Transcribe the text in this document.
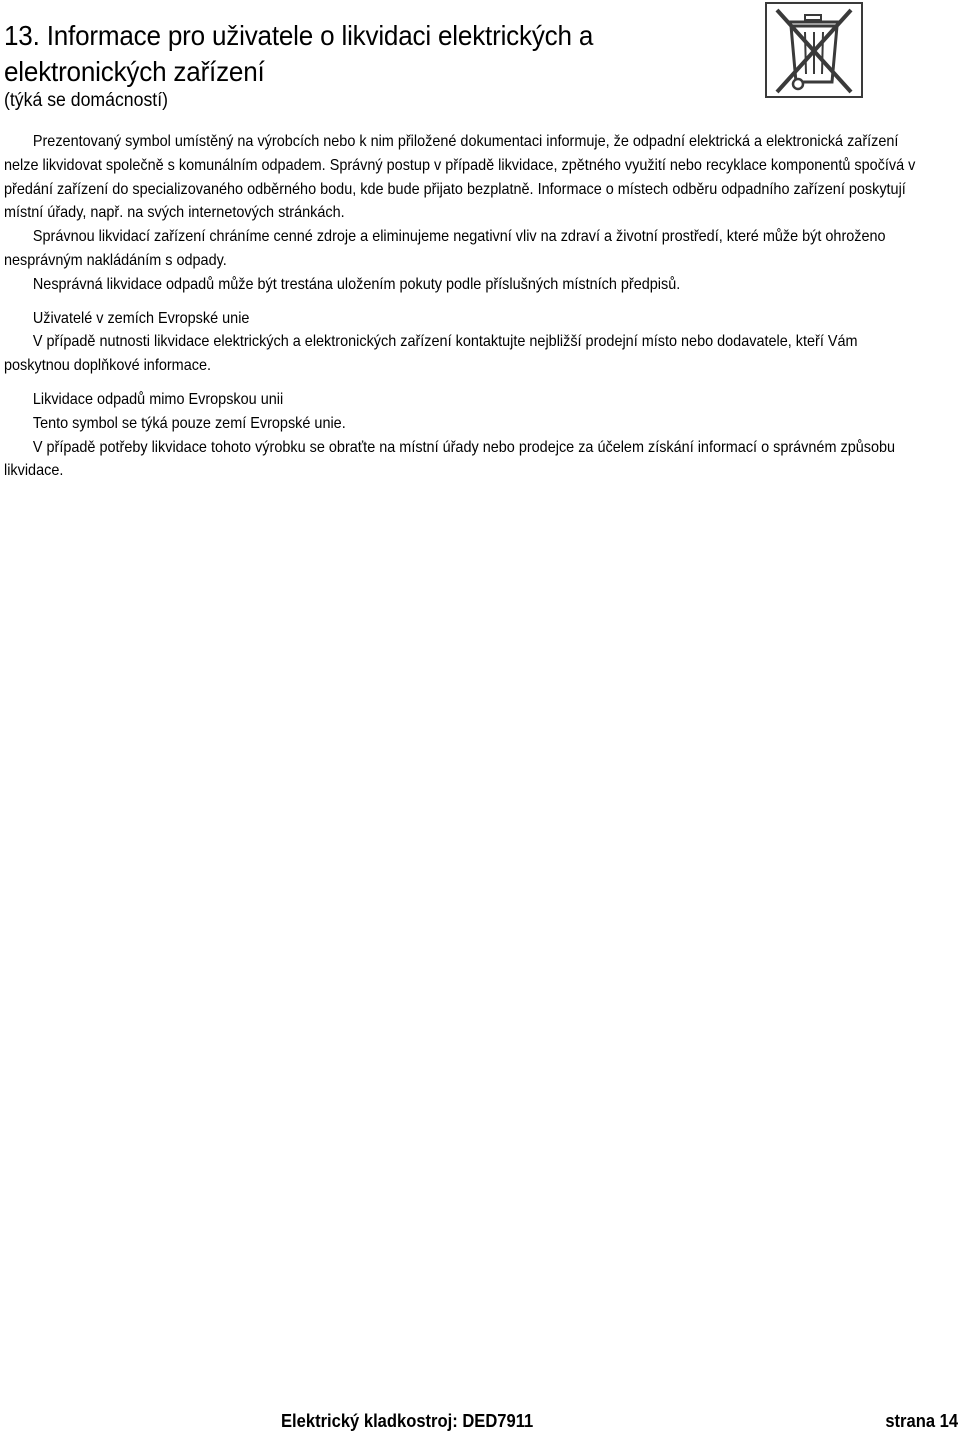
13. Informace pro uživatele o likvidaci elektrických a
elektronických zařízení
(týká se domácností)

Prezentovaný symbol umístěný na výrobcích nebo k nim přiložené dokumentaci informuje, že odpadní elektrická a elektronická zařízení nelze likvidovat společně s komunálním odpadem. Správný postup v případě likvidace, zpětného využití nebo recyklace komponentů spočívá v předání zařízení do specializovaného odběrného bodu, kde bude přijato bezplatně. Informace o místech odběru odpadního zařízení poskytují místní úřady, např. na svých internetových stránkách.

Správnou likvidací zařízení chráníme cenné zdroje a eliminujeme negativní vliv na zdraví a životní prostředí, které může být ohroženo nesprávným nakládáním s odpady.

Nesprávná likvidace odpadů může být trestána uložením pokuty podle příslušných místních předpisů.

Uživatelé v zemích Evropské unie

V případě nutnosti likvidace elektrických a elektronických zařízení kontaktujte nejbližší prodejní místo nebo dodavatele, kteří Vám poskytnou doplňkové informace.

Likvidace odpadů mimo Evropskou unii

Tento symbol se týká pouze zemí Evropské unie.

V případě potřeby likvidace tohoto výrobku se obraťte na místní úřady nebo prodejce za účelem získání informací o správném způsobu likvidace.

Elektrický kladkostroj: DED7911	strana 14
